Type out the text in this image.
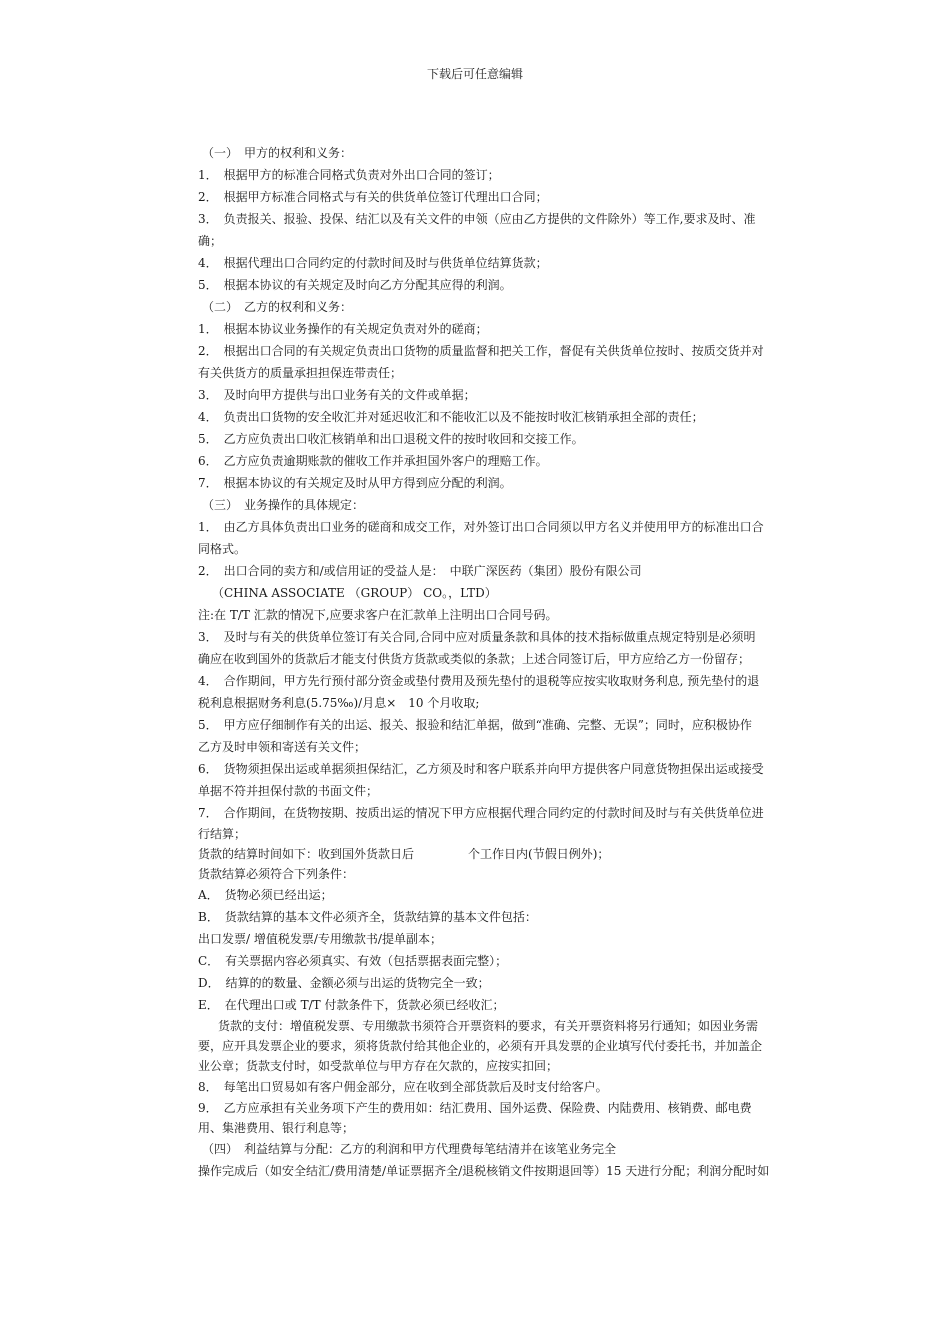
下载后可任意编辑
（一）　甲方的权利和义务：
1．　根据甲方的标准合同格式负责对外出口合同的签订；
2．　根据甲方标准合同格式与有关的供货单位签订代理出口合同；
3．　负责报关、报验、投保、结汇以及有关文件的申领（应由乙方提供的文件除外）等工作,要求及时、准
确；
4．　根据代理出口合同约定的付款时间及时与供货单位结算货款；
5．　根据本协议的有关规定及时向乙方分配其应得的利润。
（二）　乙方的权利和义务：
1．　根据本协议业务操作的有关规定负责对外的磋商；
2．　根据出口合同的有关规定负责出口货物的质量监督和把关工作，督促有关供货单位按时、按质交货并对
有关供货方的质量承担担保连带责任；
3．　及时向甲方提供与出口业务有关的文件或单据；
4．　负责出口货物的安全收汇并对延迟收汇和不能收汇以及不能按时收汇核销承担全部的责任；
5．　乙方应负责出口收汇核销单和出口退税文件的按时收回和交接工作。
6．　乙方应负责逾期账款的催收工作并承担国外客户的理赔工作。
7．　根据本协议的有关规定及时从甲方得到应分配的利润。
（三）　业务操作的具体规定：
1．　由乙方具体负责出口业务的磋商和成交工作，对外签订出口合同须以甲方名义并使用甲方的标准出口合
同格式。
2．　出口合同的卖方和/或信用证的受益人是：　中联广深医药（集团）股份有限公司
（CHINA ASSOCIATE （GROUP） CO。，LTD）
注:在 T/T 汇款的情况下,应要求客户在汇款单上注明出口合同号码。
3．　及时与有关的供货单位签订有关合同,合同中应对质量条款和具体的技术指标做重点规定特别是必须明
确应在收到国外的货款后才能支付供货方货款或类似的条款；上述合同签订后，甲方应给乙方一份留存；
4．　合作期间，甲方先行预付部分资金或垫付费用及预先垫付的退税等应按实收取财务利息, 预先垫付的退
税利息根据财务利息(5.75‰)/月息×　10 个月收取;
5．　甲方应仔细制作有关的出运、报关、报验和结汇单据，做到“准确、完整、无误”；同时，应积极协作
乙方及时申领和寄送有关文件；
6．　货物须担保出运或单据须担保结汇，乙方须及时和客户联系并向甲方提供客户同意货物担保出运或接受
单据不符并担保付款的书面文件；
7．　合作期间，在货物按期、按质出运的情况下甲方应根据代理合同约定的付款时间及时与有关供货单位进
行结算；
货款的结算时间如下：收到国外货款日后	个工作日内(节假日例外)；
货款结算必须符合下列条件：
A．　货物必须已经出运；
B．　货款结算的基本文件必须齐全，货款结算的基本文件包括：
出口发票/ 增值税发票/专用缴款书/提单副本；
C．　有关票据内容必须真实、有效（包括票据表面完整）；
D．　结算的的数量、金额必须与出运的货物完全一致；
E．　在代理出口或 T/T 付款条件下，货款必须已经收汇；
货款的支付：增值税发票、专用缴款书须符合开票资料的要求，有关开票资料将另行通知；如因业务需
要，应开具发票企业的要求，须将货款付给其他企业的，必须有开具发票的企业填写代付委托书，并加盖企
业公章；货款支付时，如受款单位与甲方存在欠款的，应按实扣回；
8．　每笔出口贸易如有客户佣金部分，应在收到全部货款后及时支付给客户。
9．　乙方应承担有关业务项下产生的费用如：结汇费用、国外运费、保险费、内陆费用、核销费、邮电费
用、集港费用、银行利息等；
（四）　利益结算与分配：乙方的利润和甲方代理费每笔结清并在该笔业务完全
操作完成后（如安全结汇/费用清楚/单证票据齐全/退税核销文件按期退回等）15 天进行分配；利润分配时如
